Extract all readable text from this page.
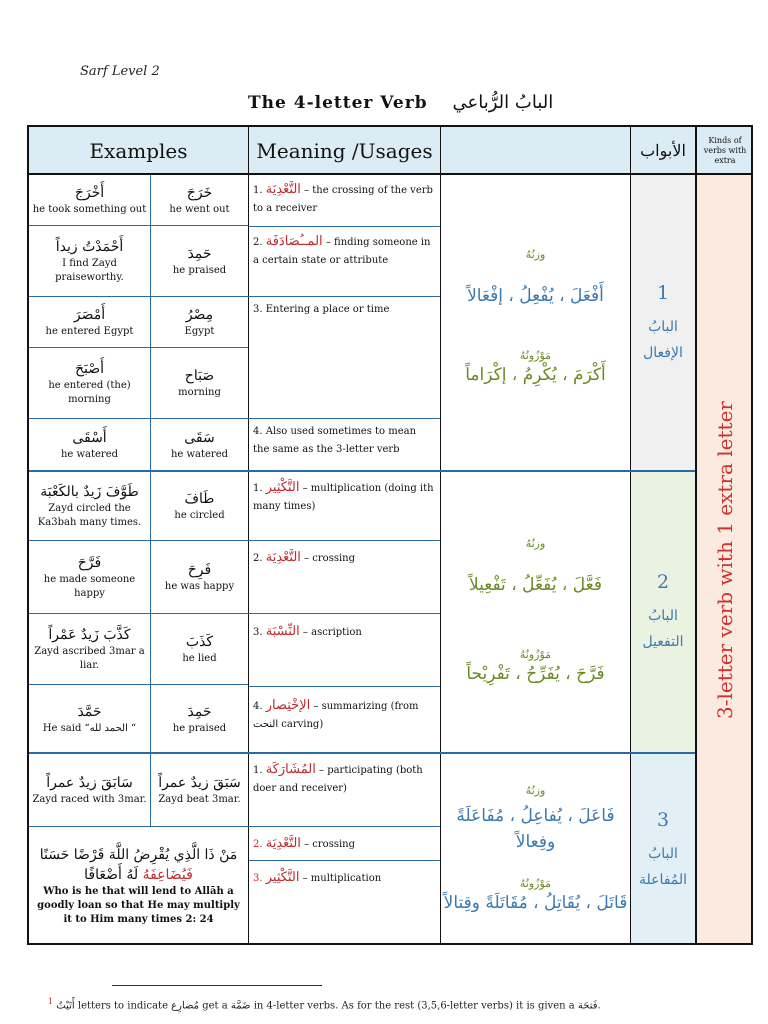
Sarf Level 2
The 4-letter Verb البابُ الرُّباعي
Examples	Meaning /Usages	الأبواب
Kinds of verbs with extra
3-letter verb with 1 extra letter
1
البابُ
الإفعال
2
البابُ
التفعيل
3
البابُ
المُفاعلة
وزنُهُ
أَفْعَلَ ، يُفْعِلُ ، إفْعَالاً
مَوْزُونُهُ
أَكْرَمَ ، يُكْرِمُ ، إكْرَاماً
وزنُهُ
فَعَّلَ ، يُفَعِّلُ ، تَفْعِيلاً
مَوْزُونُهُ
فَرَّحَ ، يُفَرِّحُ ، تَفْرِيْحاً
وزنُهُ
فَاعَلَ ، يُفاعِلُ ، مُفَاعَلَةً وفِعالاً
مَوْزُونُهُ
قَاتَلَ ، يُقَاتِلُ ، مُقَاتَلَةً وقِتالاً
أَخْرَجَ
he took something out
خَرَجَ
he went out
أَحْمَدْتُ زيداً
I find Zayd praiseworthy.
حَمِدَ
he praised
أَمْصَرَ
he entered Egypt
مِصْرُ
Egypt
أَصْبَحَ
he entered (the) morning
صَبَاح
morning
أَسْقَى
he watered
سَقَى
he watered
1. التَّعْدِيَة – the crossing of the verb to a receiver
2. المــُصَادَفَة – finding someone in a certain state or attribute
3. Entering a place or time
4. Also used sometimes to mean the same as the 3-letter verb
طَوَّفَ زَيدٌ بالكَعْبَة
Zayd circled the Ka3bah many times.
طَافَ
he circled
فَرَّحَ
he made someone happy
فَرِحَ
he was happy
كَذَّبَ زَيدٌ عَمْراً
Zayd ascribed 3mar a liar.
كَذَبَ
he lied
حَمَّدَ
He said “الحمد لله “
حَمِدَ
he praised
1. التَّكْثِير – multiplication (doing ith many times)
2. التَّعْدِيَة – crossing
3. النِّسْبَة – ascription
4. الإخْتِصار – summarizing (from النحت carving)
سَابَقَ زيدٌ عمراً
Zayd raced with 3mar.
سَبَقَ زيدٌ عمراً
Zayd beat 3mar.
مَنْ ذَا الَّذِي يُقْرِضُ اللَّهَ قَرْضًا حَسَنًا
فَيُضَاعِفَهُ لَهُ أَضْعَافًا
Who is he that will lend to Allāh a goodly loan so that He may multiply it to Him many times 2: 24
1. المُشَارَكَة – participating (both doer and receiver)
2. التَّعْدِيَة – crossing
3. التَّكْثِير – multiplication
$^1$ أَتَيْتُ letters to indicate مُضارِع get a ضَمَّة in 4-letter verbs. As for the rest (3,5,6-letter verbs) it is given a فَتحَة.
